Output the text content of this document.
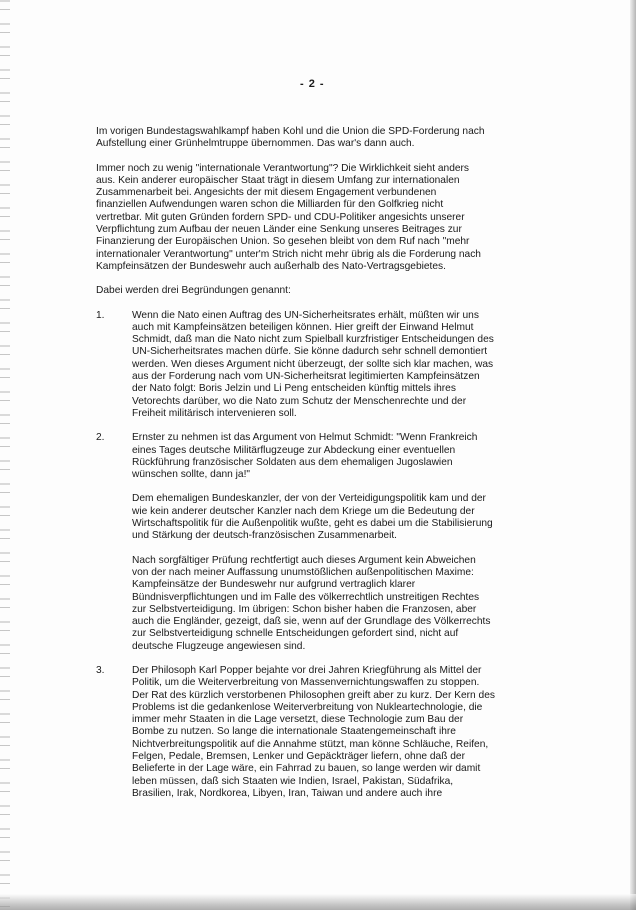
- 2 -

Im vorigen Bundestagswahlkampf haben Kohl und die Union die SPD-Forderung nach
Aufstellung einer Grünhelmtruppe übernommen. Das war's dann auch.

Immer noch zu wenig "internationale Verantwortung"? Die Wirklichkeit sieht anders
aus. Kein anderer europäischer Staat trägt in diesem Umfang zur internationalen
Zusammenarbeit bei. Angesichts der mit diesem Engagement verbundenen
finanziellen Aufwendungen waren schon die Milliarden für den Golfkrieg nicht
vertretbar. Mit guten Gründen fordern SPD- und CDU-Politiker angesichts unserer
Verpflichtung zum Aufbau der neuen Länder eine Senkung unseres Beitrages zur
Finanzierung der Europäischen Union. So gesehen bleibt von dem Ruf nach "mehr
internationaler Verantwortung" unter'm Strich nicht mehr übrig als die Forderung nach
Kampfeinsätzen der Bundeswehr auch außerhalb des Nato-Vertragsgebietes.

Dabei werden drei Begründungen genannt:

1.	Wenn die Nato einen Auftrag des UN-Sicherheitsrates erhält, müßten wir uns
auch mit Kampfeinsätzen beteiligen können. Hier greift der Einwand Helmut
Schmidt, daß man die Nato nicht zum Spielball kurzfristiger Entscheidungen des
UN-Sicherheitsrates machen dürfe. Sie könne dadurch sehr schnell demontiert
werden. Wen dieses Argument nicht überzeugt, der sollte sich klar machen, was
aus der Forderung nach vom UN-Sicherheitsrat legitimierten Kampfeinsätzen
der Nato folgt: Boris Jelzin und Li Peng entscheiden künftig mittels ihres
Vetorechts darüber, wo die Nato zum Schutz der Menschenrechte und der
Freiheit militärisch intervenieren soll.

2.	Ernster zu nehmen ist das Argument von Helmut Schmidt: "Wenn Frankreich
eines Tages deutsche Militärflugzeuge zur Abdeckung einer eventuellen
Rückführung französischer Soldaten aus dem ehemaligen Jugoslawien
wünschen sollte, dann ja!"

Dem ehemaligen Bundeskanzler, der von der Verteidigungspolitik kam und der
wie kein anderer deutscher Kanzler nach dem Kriege um die Bedeutung der
Wirtschaftspolitik für die Außenpolitik wußte, geht es dabei um die Stabilisierung
und Stärkung der deutsch-französischen Zusammenarbeit.

Nach sorgfältiger Prüfung rechtfertigt auch dieses Argument kein Abweichen
von der nach meiner Auffassung unumstößlichen außenpolitischen Maxime:
Kampfeinsätze der Bundeswehr nur aufgrund vertraglich klarer
Bündnisverpflichtungen und im Falle des völkerrechtlich unstreitigen Rechtes
zur Selbstverteidigung. Im übrigen: Schon bisher haben die Franzosen, aber
auch die Engländer, gezeigt, daß sie, wenn auf der Grundlage des Völkerrechts
zur Selbstverteidigung schnelle Entscheidungen gefordert sind, nicht auf
deutsche Flugzeuge angewiesen sind.

3.	Der Philosoph Karl Popper bejahte vor drei Jahren Kriegführung als Mittel der
Politik, um die Weiterverbreitung von Massenvernichtungswaffen zu stoppen.
Der Rat des kürzlich verstorbenen Philosophen greift aber zu kurz. Der Kern des
Problems ist die gedankenlose Weiterverbreitung von Nukleartechnologie, die
immer mehr Staaten in die Lage versetzt, diese Technologie zum Bau der
Bombe zu nutzen. So lange die internationale Staatengemeinschaft ihre
Nichtverbreitungspolitik auf die Annahme stützt, man könne Schläuche, Reifen,
Felgen, Pedale, Bremsen, Lenker und Gepäckträger liefern, ohne daß der
Belieferte in der Lage wäre, ein Fahrrad zu bauen, so lange werden wir damit
leben müssen, daß sich Staaten wie Indien, Israel, Pakistan, Südafrika,
Brasilien, Irak, Nordkorea, Libyen, Iran, Taiwan und andere auch ihre
